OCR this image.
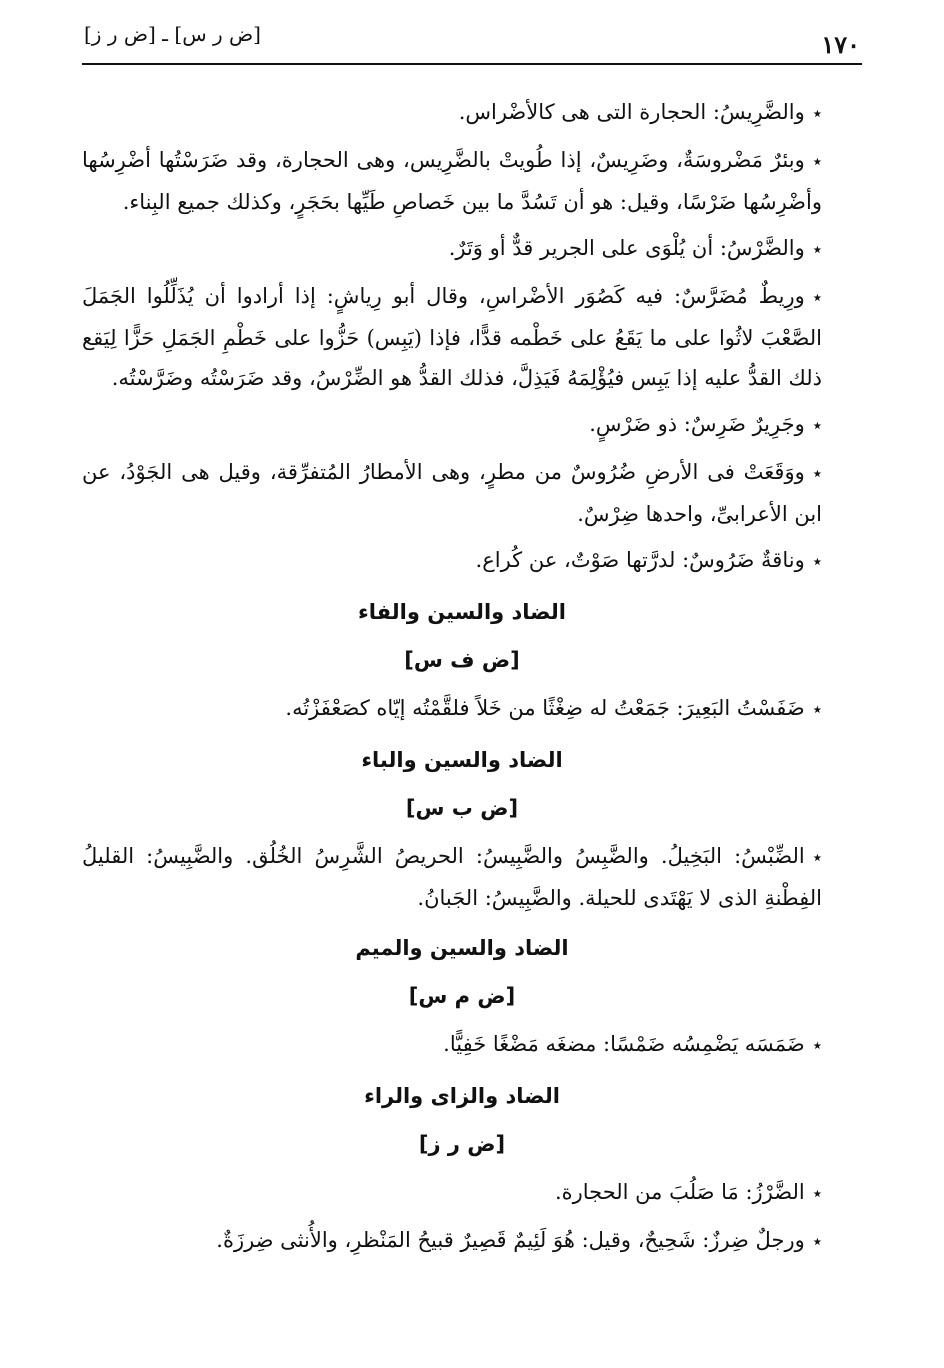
١٧٠
[ض ر س] ـ [ض ر ز]

٭والضَّرِيسُ: الحجارة التى هى كالأضْراس.

٭وبئرٌ مَضْروسَةٌ، وضَرِيسٌ، إذا طُويتْ بالضَّرِيس، وهى الحجارة، وقد ضَرَسْتُها أضْرِسُها وأضْرِسُها ضَرْسًا، وقيل: هو أن تَسُدَّ ما بين خَصاصِ طَيِّها بحَجَرٍ، وكذلك جميع البِناء.

٭والضَّرْسُ: أن يُلْوَى على الجرير قدٌّ أو وَتَرٌ.

٭ورِيطٌ مُضَرَّسٌ: فيه كَصُوَر الأضْراسِ، وقال أبو رِياشٍ: إذا أرادوا أن يُذَلِّلُوا الجَمَلَ الصَّعْبَ لاثُوا على ما يَقَعُ على خَطْمه قدًّا، فإذا (يَبِس) حَزُّوا على خَطْمِ الجَمَلِ حَزًّا لِيَقع ذلك القدُّ عليه إذا يَبِس فيُؤْلِمَهُ فَيَذِلَّ، فذلك القدُّ هو الضِّرْسُ، وقد ضَرَسْتُه وضَرَّسْتُه.

٭وجَرِيرٌ ضَرِسٌ: ذو ضَرْسٍ.

٭ووَقَعَتْ فى الأرضِ ضُرُوسٌ من مطرٍ، وهى الأمطارُ المُتفرِّقة، وقيل هى الجَوْدُ، عن ابن الأعرابىِّ، واحدها ضِرْسٌ.

٭وناقةٌ ضَرُوسٌ: لدرَّتها صَوْتٌ، عن كُراع.

الضاد والسين والفاء
[ض ف س]

٭ضَفَسْتُ البَعِيرَ: جَمَعْتُ له ضِغْثًا من خَلاً فلقَّمْتُه إيّاه كصَعْفَزْتُه.

الضاد والسين والباء
[ض ب س]

٭الضِّبْسُ: البَخِيلُ. والضَّبِسُ والضَّبِيسُ: الحريصُ الشَّرِسُ الخُلُق. والضَّبِيسُ: القليلُ الفِطْنةِ الذى لا يَهْتَدى للحيلة. والضَّبِيسُ: الجَبانُ.

الضاد والسين والميم
[ض م س]

٭ضَمَسَه يَضْمِسُه ضَمْسًا: مضغَه مَضْغًا خَفِيًّا.

الضاد والزاى والراء
[ض ر ز]

٭الضَّرْزُ: مَا صَلُبَ من الحجارة.

٭ورجلٌ ضِرزٌ: شَحِيحٌ، وقيل: هُوَ لَئِيمٌ قَصِيرٌ قبيحُ المَنْظرِ، والأُنثى ضِرزَةٌ.
